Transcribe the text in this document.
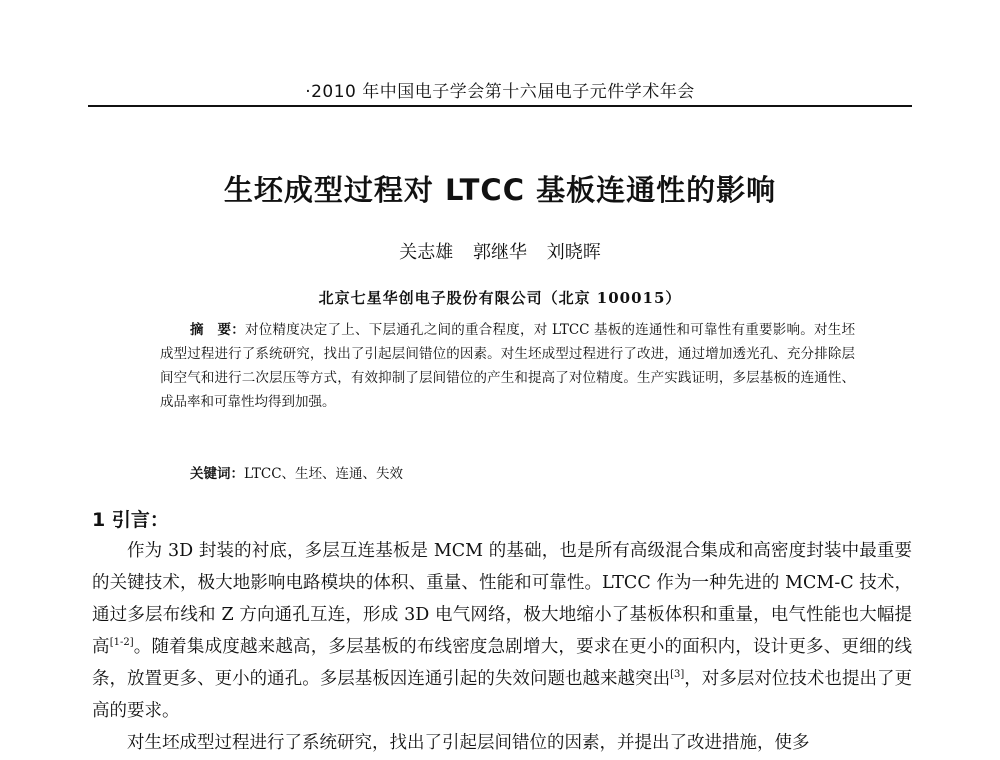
·2010 年中国电子学会第十六届电子元件学术年会
生坯成型过程对 LTCC 基板连通性的影响
关志雄 郭继华 刘晓晖
北京七星华创电子股份有限公司（北京 100015）
摘　要：对位精度决定了上、下层通孔之间的重合程度，对 LTCC 基板的连通性和可靠性有重要影响。对生坯成型过程进行了系统研究，找出了引起层间错位的因素。对生坯成型过程进行了改进，通过增加透光孔、充分排除层间空气和进行二次层压等方式，有效抑制了层间错位的产生和提高了对位精度。生产实践证明，多层基板的连通性、成品率和可靠性均得到加强。
关键词：LTCC、生坯、连通、失效
1 引言：

作为 3D 封装的衬底，多层互连基板是 MCM 的基础，也是所有高级混合集成和高密度封装中最重要的关键技术，极大地影响电路模块的体积、重量、性能和可靠性。LTCC 作为一种先进的 MCM-C 技术，通过多层布线和 Z 方向通孔互连，形成 3D 电气网络，极大地缩小了基板体积和重量，电气性能也大幅提高[1-2]。随着集成度越来越高，多层基板的布线密度急剧增大，要求在更小的面积内，设计更多、更细的线条，放置更多、更小的通孔。多层基板因连通引起的失效问题也越来越突出[3]，对多层对位技术也提出了更高的要求。

对生坯成型过程进行了系统研究，找出了引起层间错位的因素，并提出了改进措施，使多
